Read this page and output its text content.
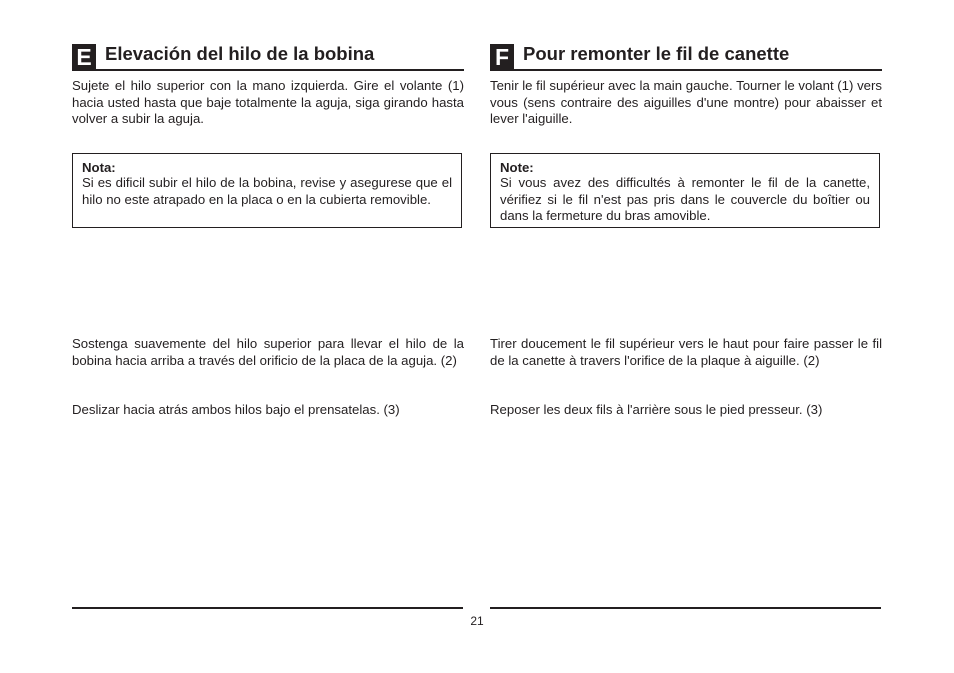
E Elevación del hilo de la bobina

Sujete el hilo superior con la mano izquierda. Gire el volante (1) hacia usted hasta que baje totalmente la aguja, siga girando hasta volver a subir la aguja.

Nota:
Si es dificil subir el hilo de la bobina, revise y asegurese que el hilo no este atrapado en la placa o en la cubierta removible.

Sostenga suavemente del hilo superior para llevar el hilo de la bobina hacia arriba a través del orificio de la placa de la aguja. (2)

Deslizar hacia atrás ambos hilos bajo el prensatelas. (3)

F Pour remonter le fil de canette

Tenir le fil supérieur avec la main gauche. Tourner le volant (1) vers vous (sens contraire des aiguilles d'une montre) pour abaisser et lever l'aiguille.

Note:
Si vous avez des difficultés à remonter le fil de la canette, vérifiez si le fil n'est pas pris dans le couvercle du boîtier ou dans la fermeture du bras amovible.

Tirer doucement le fil supérieur vers le haut pour faire passer le fil de la canette à travers l'orifice de la plaque à aiguille. (2)

Reposer les deux fils à l'arrière sous le pied presseur. (3)

21
